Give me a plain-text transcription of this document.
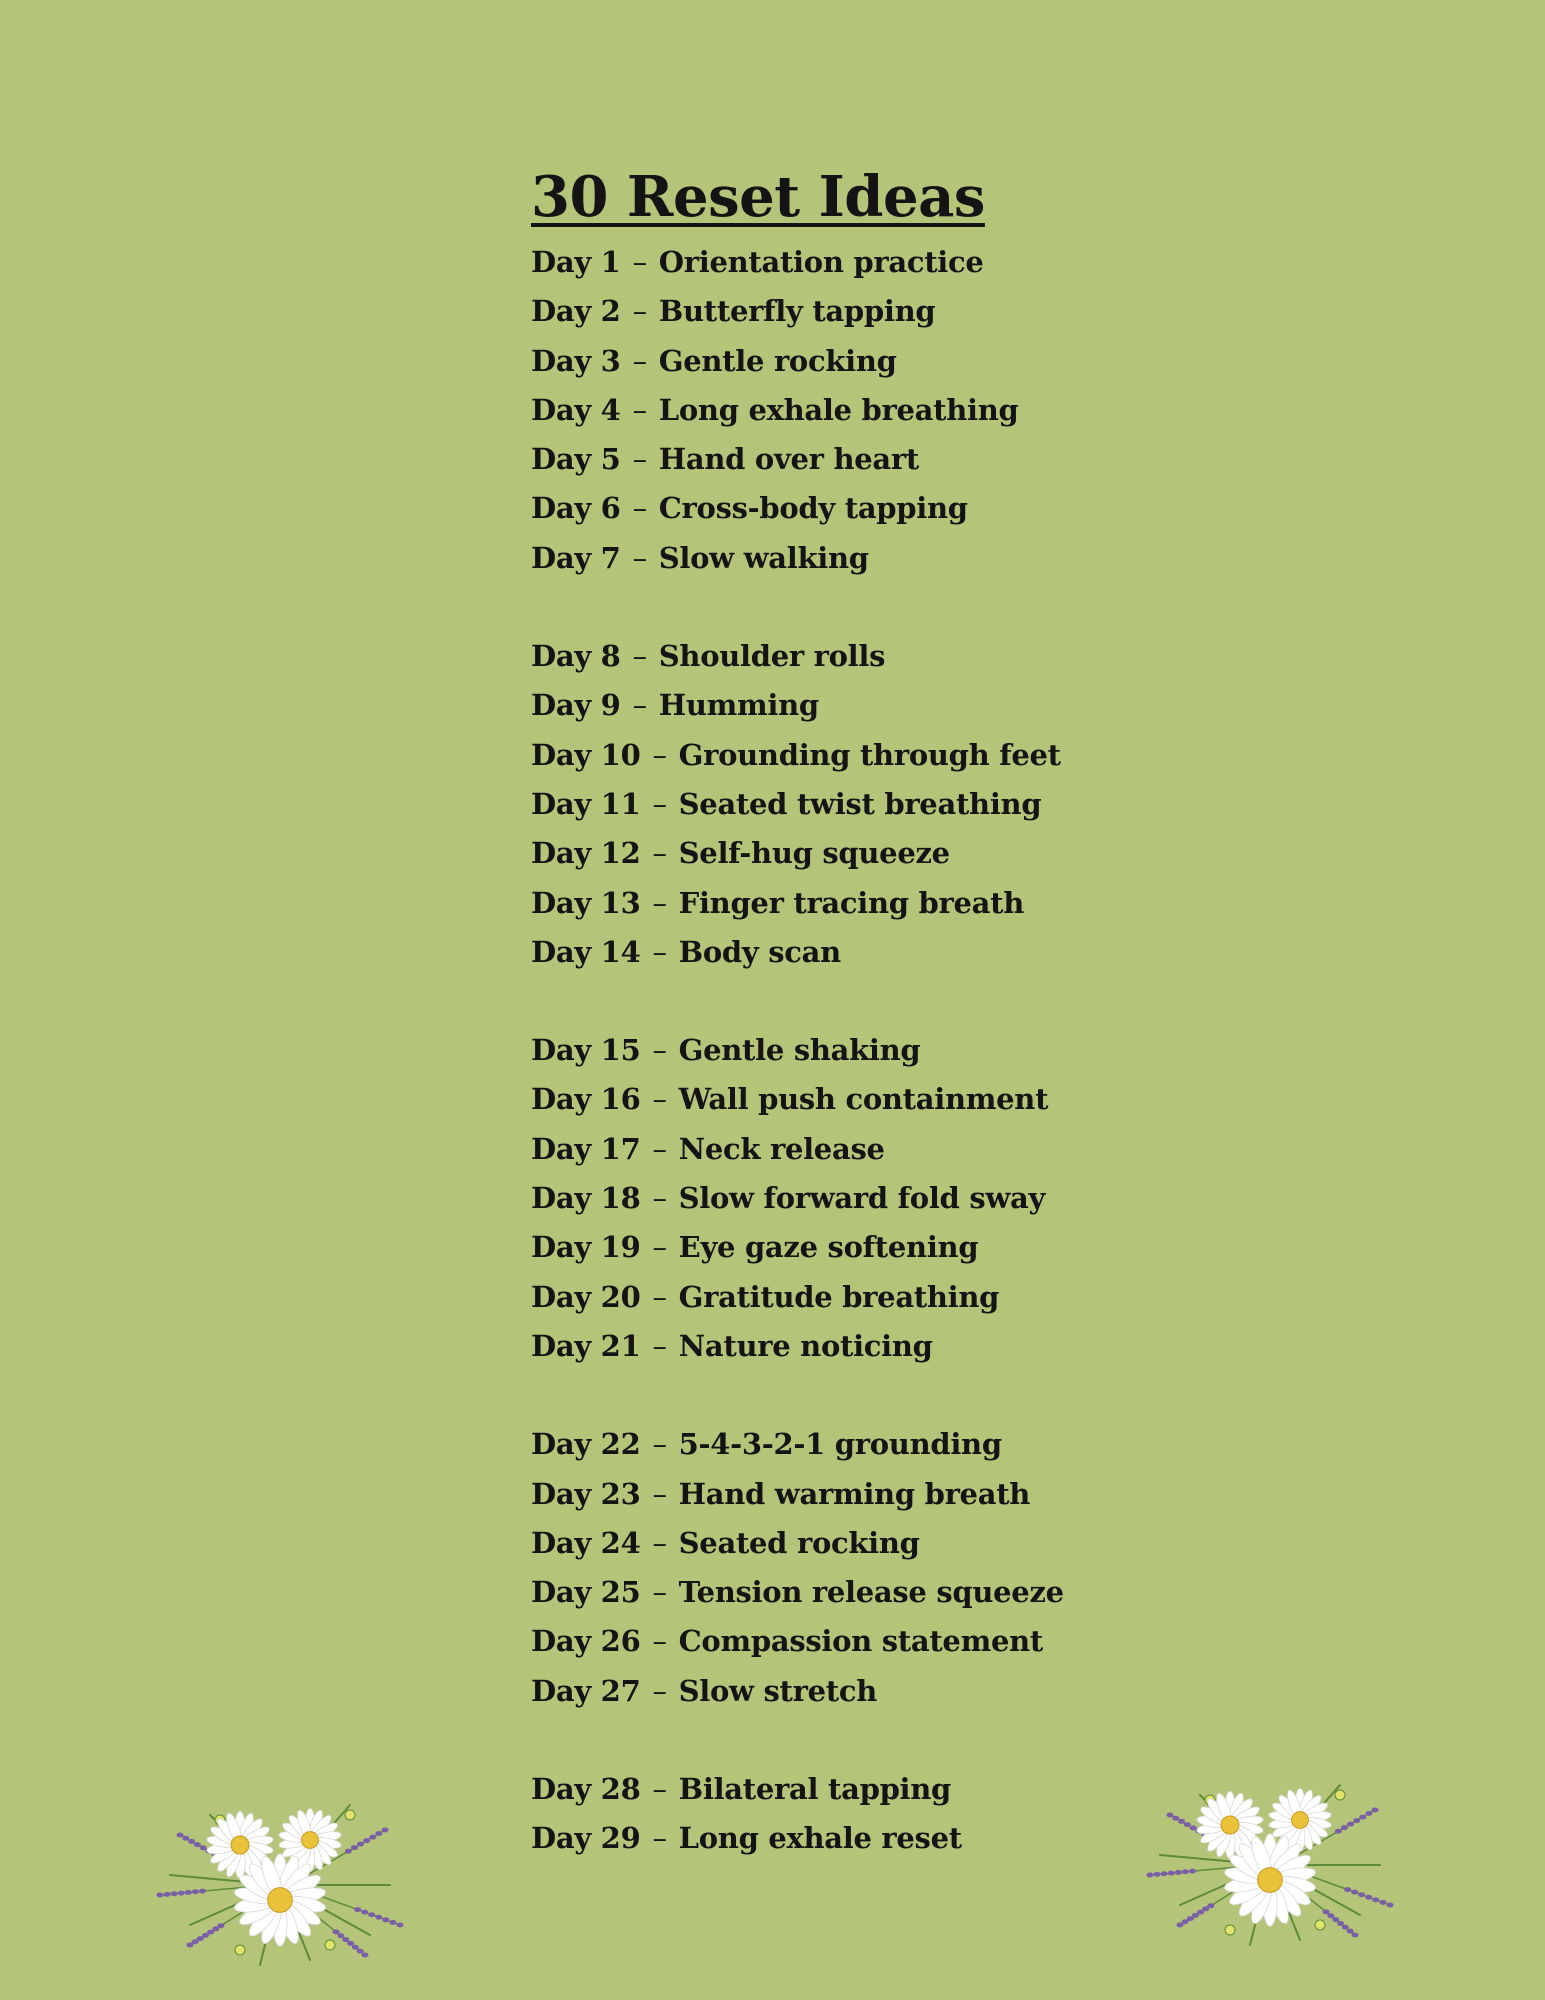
30 Reset Ideas
Day 1 – Orientation practice
Day 2 – Butterfly tapping
Day 3 – Gentle rocking
Day 4 – Long exhale breathing
Day 5 – Hand over heart
Day 6 – Cross-body tapping
Day 7 – Slow walking
Day 8 – Shoulder rolls
Day 9 – Humming
Day 10 – Grounding through feet
Day 11 – Seated twist breathing
Day 12 – Self-hug squeeze
Day 13 – Finger tracing breath
Day 14 – Body scan
Day 15 – Gentle shaking
Day 16 – Wall push containment
Day 17 – Neck release
Day 18 – Slow forward fold sway
Day 19 – Eye gaze softening
Day 20 – Gratitude breathing
Day 21 – Nature noticing
Day 22 – 5-4-3-2-1 grounding
Day 23 – Hand warming breath
Day 24 – Seated rocking
Day 25 – Tension release squeeze
Day 26 – Compassion statement
Day 27 – Slow stretch
Day 28 – Bilateral tapping
Day 29 – Long exhale reset
